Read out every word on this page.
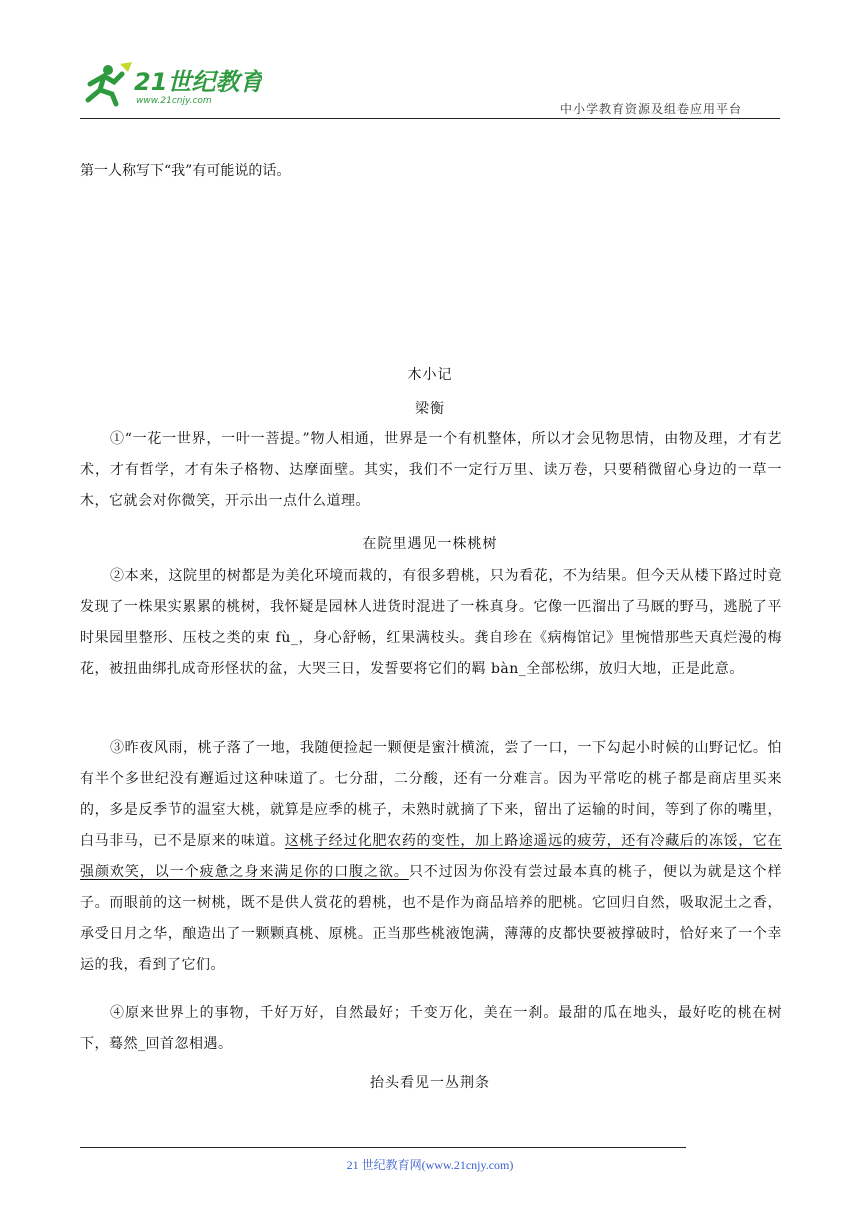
21世纪教育
www.21cnjy.com
中小学教育资源及组卷应用平台
第一人称写下“我”有可能说的话。
木小记
梁衡
①“一花一世界，一叶一菩提。”物人相通，世界是一个有机整体，所以才会见物思情，由物及理，才有艺术，才有哲学，才有朱子格物、达摩面壁。其实，我们不一定行万里、读万卷，只要稍微留心身边的一草一木，它就会对你微笑，开示出一点什么道理。
在院里遇见一株桃树
②本来，这院里的树都是为美化环境而栽的，有很多碧桃，只为看花，不为结果。但今天从楼下路过时竟发现了一株果实累累的桃树，我怀疑是园林人进货时混进了一株真身。它像一匹溜出了马厩的野马，逃脱了平时果园里整形、压枝之类的束 fù_，身心舒畅，红果满枝头。龚自珍在《病梅馆记》里惋惜那些天真烂漫的梅花，被扭曲绑扎成奇形怪状的盆，大哭三日，发誓要将它们的羁 bàn_全部松绑，放归大地，正是此意。
③昨夜风雨，桃子落了一地，我随便捡起一颗便是蜜汁横流，尝了一口，一下勾起小时候的山野记忆。怕有半个多世纪没有邂逅过这种味道了。七分甜，二分酸，还有一分难言。因为平常吃的桃子都是商店里买来的，多是反季节的温室大桃，就算是应季的桃子，未熟时就摘了下来，留出了运输的时间，等到了你的嘴里，白马非马，已不是原来的味道。这桃子经过化肥农药的变性，加上路途遥远的疲劳，还有冷藏后的冻馁，它在强颜欢笑，以一个疲惫之身来满足你的口腹之欲。只不过因为你没有尝过最本真的桃子，便以为就是这个样子。而眼前的这一树桃，既不是供人赏花的碧桃，也不是作为商品培养的肥桃。它回归自然，吸取泥土之香，承受日月之华，酿造出了一颗颗真桃、原桃。正当那些桃液饱满，薄薄的皮都快要被撑破时，恰好来了一个幸运的我，看到了它们。
④原来世界上的事物，千好万好，自然最好；千变万化，美在一刹。最甜的瓜在地头，最好吃的桃在树下，蓦然_回首忽相遇。
抬头看见一丛荆条
21 世纪教育网(www.21cnjy.com)
